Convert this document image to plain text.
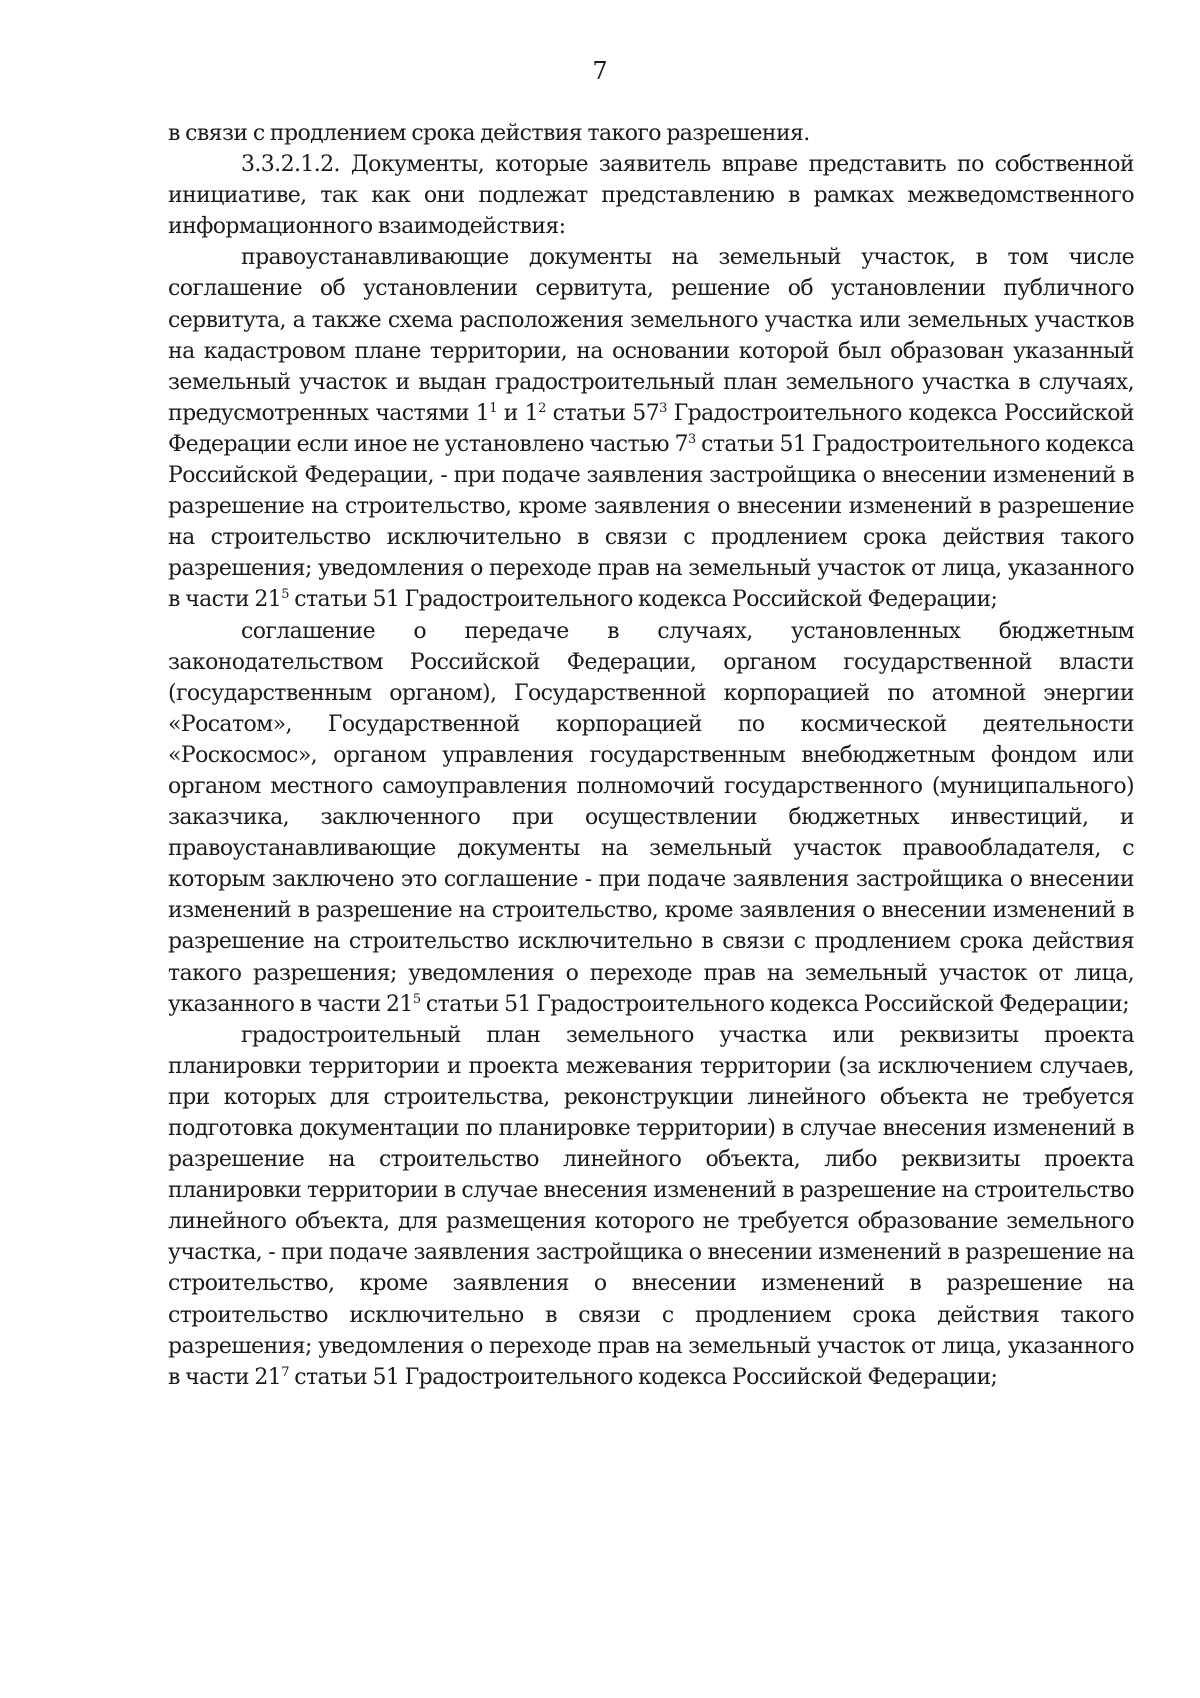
7

в связи с продлением срока действия такого разрешения.

3.3.2.1.2. Документы, которые заявитель вправе представить по собственной инициативе, так как они подлежат представлению в рамках межведомственного информационного взаимодействия:

правоустанавливающие документы на земельный участок, в том числе соглашение об установлении сервитута, решение об установлении публичного сервитута, а также схема расположения земельного участка или земельных участков на кадастровом плане территории, на основании которой был образован указанный земельный участок и выдан градостроительный план земельного участка в случаях, предусмотренных частями $1^1$ и $1^2$ статьи $57^3$ Градостроительного кодекса Российской Федерации если иное не установлено частью $7^3$ статьи 51 Градостроительного кодекса Российской Федерации, - при подаче заявления застройщика о внесении изменений в разрешение на строительство, кроме заявления о внесении изменений в разрешение на строительство исключительно в связи с продлением срока действия такого разрешения; уведомления о переходе прав на земельный участок от лица, указанного в части $21^5$ статьи 51 Градостроительного кодекса Российской Федерации;

соглашение о передаче в случаях, установленных бюджетным законодательством Российской Федерации, органом государственной власти (государственным органом), Государственной корпорацией по атомной энергии «Росатом», Государственной корпорацией по космической деятельности «Роскосмос», органом управления государственным внебюджетным фондом или органом местного самоуправления полномочий государственного (муниципального) заказчика, заключенного при осуществлении бюджетных инвестиций, и правоустанавливающие документы на земельный участок правообладателя, с которым заключено это соглашение - при подаче заявления застройщика о внесении изменений в разрешение на строительство, кроме заявления о внесении изменений в разрешение на строительство исключительно в связи с продлением срока действия такого разрешения; уведомления о переходе прав на земельный участок от лица, указанного в части $21^5$ статьи 51 Градостроительного кодекса Российской Федерации;

градостроительный план земельного участка или реквизиты проекта планировки территории и проекта межевания территории (за исключением случаев, при которых для строительства, реконструкции линейного объекта не требуется подготовка документации по планировке территории) в случае внесения изменений в разрешение на строительство линейного объекта, либо реквизиты проекта планировки территории в случае внесения изменений в разрешение на строительство линейного объекта, для размещения которого не требуется образование земельного участка, - при подаче заявления застройщика о внесении изменений в разрешение на строительство, кроме заявления о внесении изменений в разрешение на строительство исключительно в связи с продлением срока действия такого разрешения; уведомления о переходе прав на земельный участок от лица, указанного в части $21^7$ статьи 51 Градостроительного кодекса Российской Федерации;
